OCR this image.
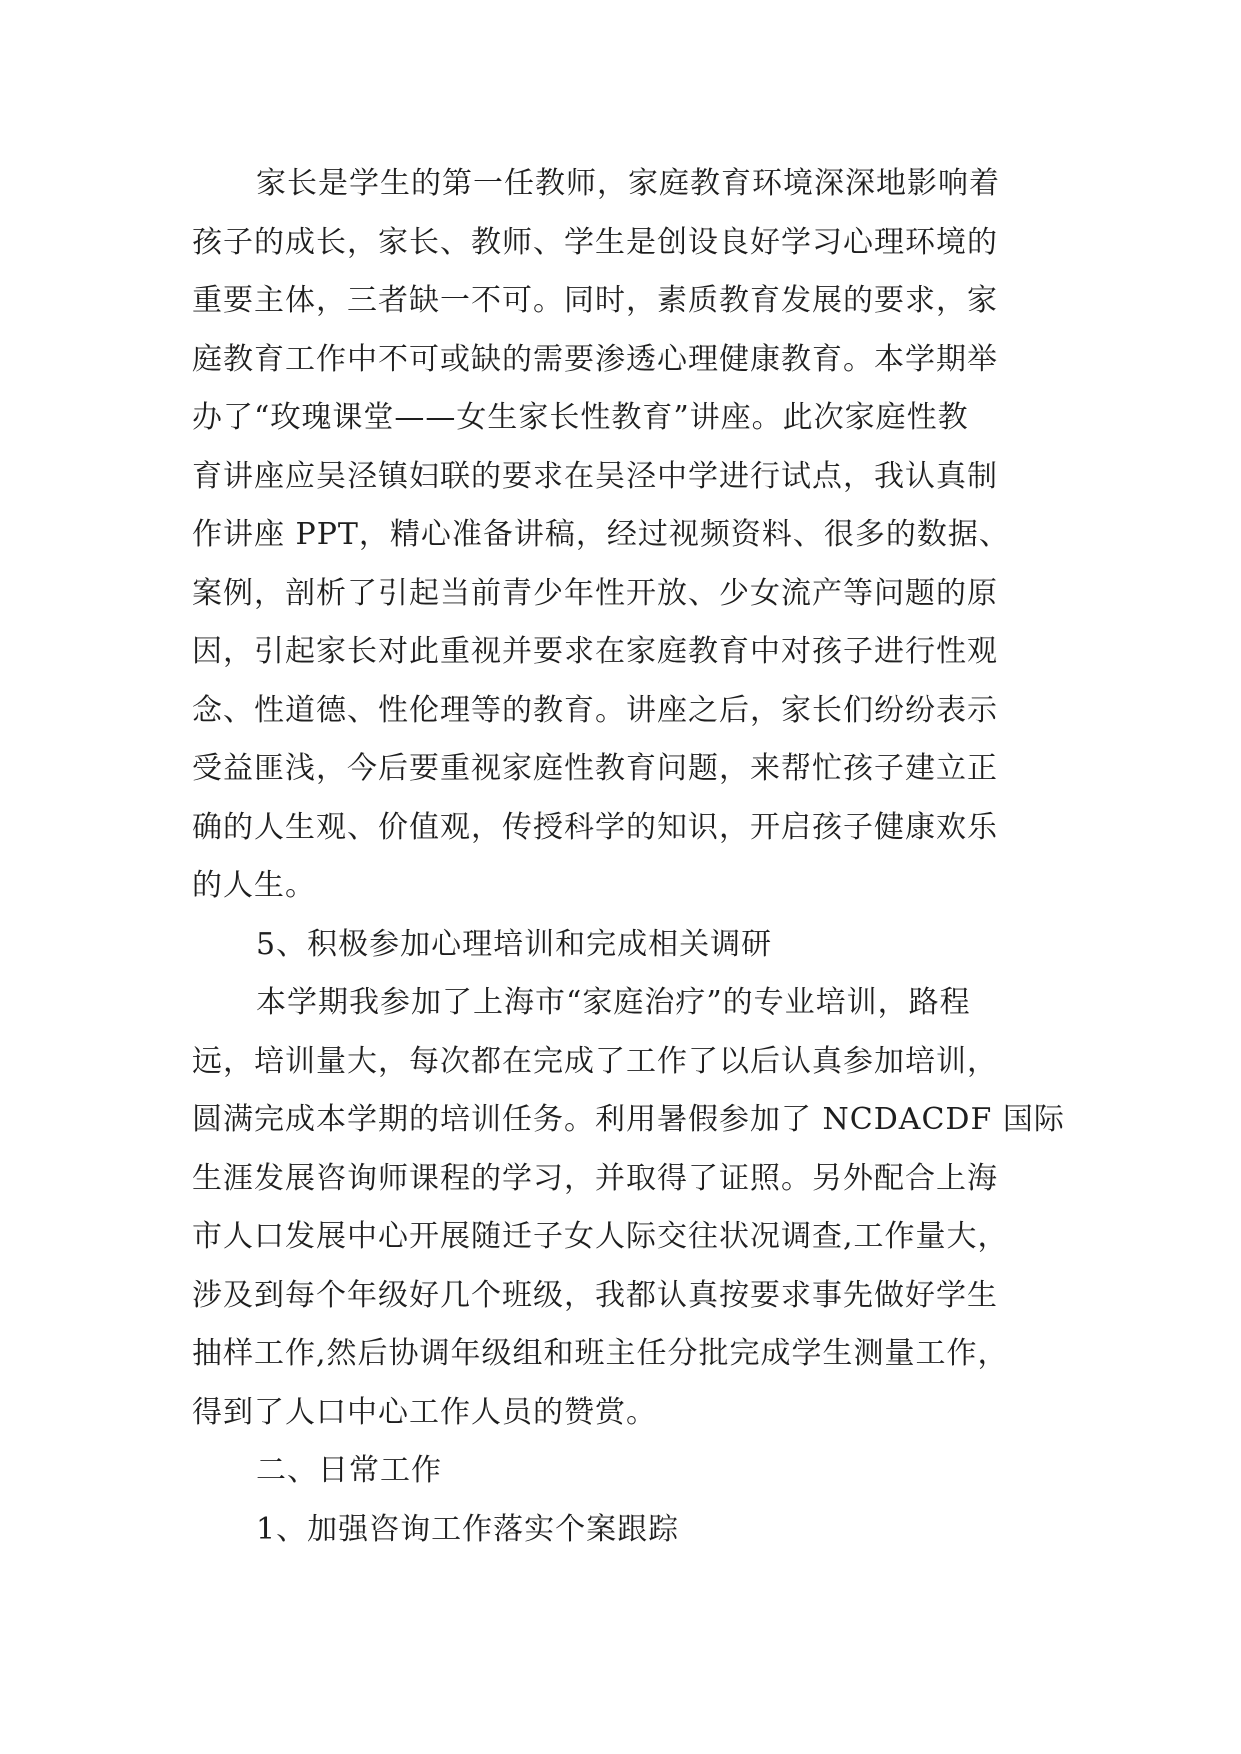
家长是学生的第一任教师，家庭教育环境深深地影响着
孩子的成长，家长、教师、学生是创设良好学习心理环境的
重要主体，三者缺一不可。同时，素质教育发展的要求，家
庭教育工作中不可或缺的需要渗透心理健康教育。本学期举
办了“玫瑰课堂——女生家长性教育”讲座。此次家庭性教
育讲座应吴泾镇妇联的要求在吴泾中学进行试点，我认真制
作讲座 PPT，精心准备讲稿，经过视频资料、很多的数据、
案例，剖析了引起当前青少年性开放、少女流产等问题的原
因，引起家长对此重视并要求在家庭教育中对孩子进行性观
念、性道德、性伦理等的教育。讲座之后，家长们纷纷表示
受益匪浅，今后要重视家庭性教育问题，来帮忙孩子建立正
确的人生观、价值观，传授科学的知识，开启孩子健康欢乐
的人生。
5、积极参加心理培训和完成相关调研
本学期我参加了上海市“家庭治疗”的专业培训，路程
远，培训量大，每次都在完成了工作了以后认真参加培训，
圆满完成本学期的培训任务。利用暑假参加了 NCDACDF 国际
生涯发展咨询师课程的学习，并取得了证照。另外配合上海
市人口发展中心开展随迁子女人际交往状况调查,工作量大，
涉及到每个年级好几个班级，我都认真按要求事先做好学生
抽样工作,然后协调年级组和班主任分批完成学生测量工作，
得到了人口中心工作人员的赞赏。
二、日常工作
1、加强咨询工作落实个案跟踪
